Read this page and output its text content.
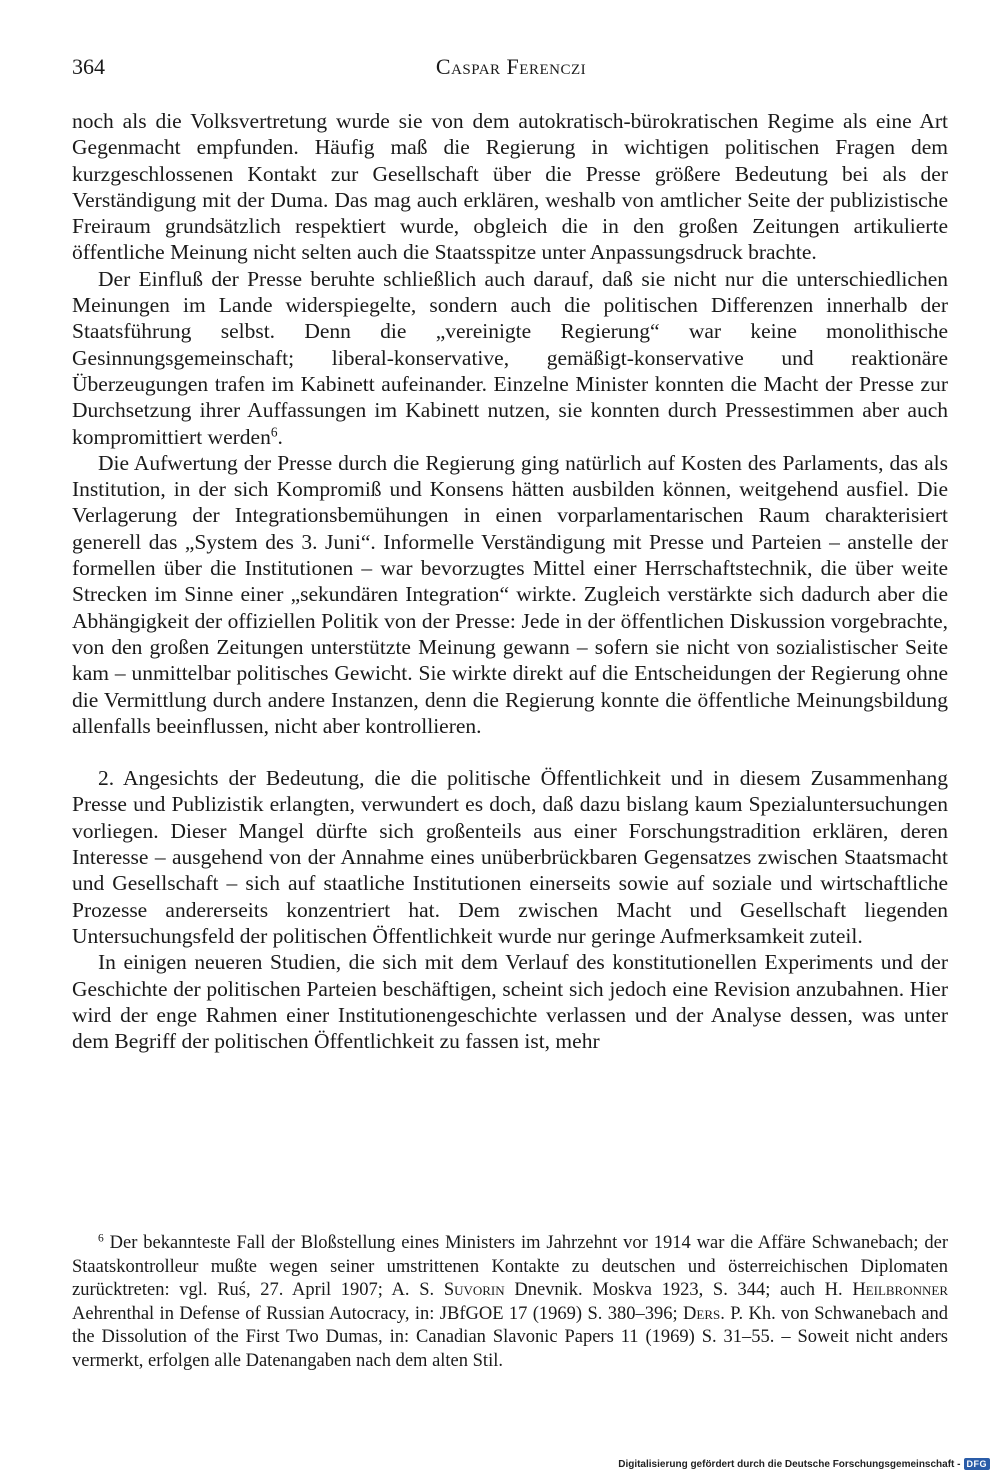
364	Caspar Ferenczi

noch als die Volksvertretung wurde sie von dem autokratisch-bürokratischen Regime als eine Art Gegenmacht empfunden. Häufig maß die Regierung in wichtigen politischen Fragen dem kurzgeschlossenen Kontakt zur Gesellschaft über die Presse größere Bedeutung bei als der Verständigung mit der Duma. Das mag auch erklären, weshalb von amtlicher Seite der publizistische Freiraum grundsätzlich respektiert wurde, obgleich die in den großen Zeitungen artikulierte öffentliche Meinung nicht selten auch die Staatsspitze unter Anpassungsdruck brachte.

Der Einfluß der Presse beruhte schließlich auch darauf, daß sie nicht nur die unterschiedlichen Meinungen im Lande widerspiegelte, sondern auch die politischen Differenzen innerhalb der Staatsführung selbst. Denn die „vereinigte Regierung“ war keine monolithische Gesinnungsgemeinschaft; liberal-konservative, gemäßigt-konservative und reaktionäre Überzeugungen trafen im Kabinett aufeinander. Einzelne Minister konnten die Macht der Presse zur Durchsetzung ihrer Auffassungen im Kabinett nutzen, sie konnten durch Pressestimmen aber auch kompromittiert werden$^6$.

Die Aufwertung der Presse durch die Regierung ging natürlich auf Kosten des Parlaments, das als Institution, in der sich Kompromiß und Konsens hätten ausbilden können, weitgehend ausfiel. Die Verlagerung der Integrationsbemühungen in einen vorparlamentarischen Raum charakterisiert generell das „System des 3. Juni“. Informelle Verständigung mit Presse und Parteien – anstelle der formellen über die Institutionen – war bevorzugtes Mittel einer Herrschaftstechnik, die über weite Strecken im Sinne einer „sekundären Integration“ wirkte. Zugleich verstärkte sich dadurch aber die Abhängigkeit der offiziellen Politik von der Presse: Jede in der öffentlichen Diskussion vorgebrachte, von den großen Zeitungen unterstützte Meinung gewann – sofern sie nicht von sozialistischer Seite kam – unmittelbar politisches Gewicht. Sie wirkte direkt auf die Entscheidungen der Regierung ohne die Vermittlung durch andere Instanzen, denn die Regierung konnte die öffentliche Meinungsbildung allenfalls beeinflussen, nicht aber kontrollieren.

2. Angesichts der Bedeutung, die die politische Öffentlichkeit und in diesem Zusammenhang Presse und Publizistik erlangten, verwundert es doch, daß dazu bislang kaum Spezialuntersuchungen vorliegen. Dieser Mangel dürfte sich großenteils aus einer Forschungstradition erklären, deren Interesse – ausgehend von der Annahme eines unüberbrückbaren Gegensatzes zwischen Staatsmacht und Gesellschaft – sich auf staatliche Institutionen einerseits sowie auf soziale und wirtschaftliche Prozesse andererseits konzentriert hat. Dem zwischen Macht und Gesellschaft liegenden Untersuchungsfeld der politischen Öffentlichkeit wurde nur geringe Aufmerksamkeit zuteil.

In einigen neueren Studien, die sich mit dem Verlauf des konstitutionellen Experiments und der Geschichte der politischen Parteien beschäftigen, scheint sich jedoch eine Revision anzubahnen. Hier wird der enge Rahmen einer Institutionengeschichte verlassen und der Analyse dessen, was unter dem Begriff der politischen Öffentlichkeit zu fassen ist, mehr

$^6$ Der bekannteste Fall der Bloßstellung eines Ministers im Jahrzehnt vor 1914 war die Affäre Schwanebach; der Staatskontrolleur mußte wegen seiner umstrittenen Kontakte zu deutschen und österreichischen Diplomaten zurücktreten: vgl. Ruś, 27. April 1907; A. S. Suvorin Dnevnik. Moskva 1923, S. 344; auch H. Heilbronner Aehrenthal in Defense of Russian Autocracy, in: JBfGOE 17 (1969) S. 380–396; Ders. P. Kh. von Schwanebach and the Dissolution of the First Two Dumas, in: Canadian Slavonic Papers 11 (1969) S. 31–55. – Soweit nicht anders vermerkt, erfolgen alle Datenangaben nach dem alten Stil.

Digitalisierung gefördert durch die Deutsche Forschungsgemeinschaft - DFG
